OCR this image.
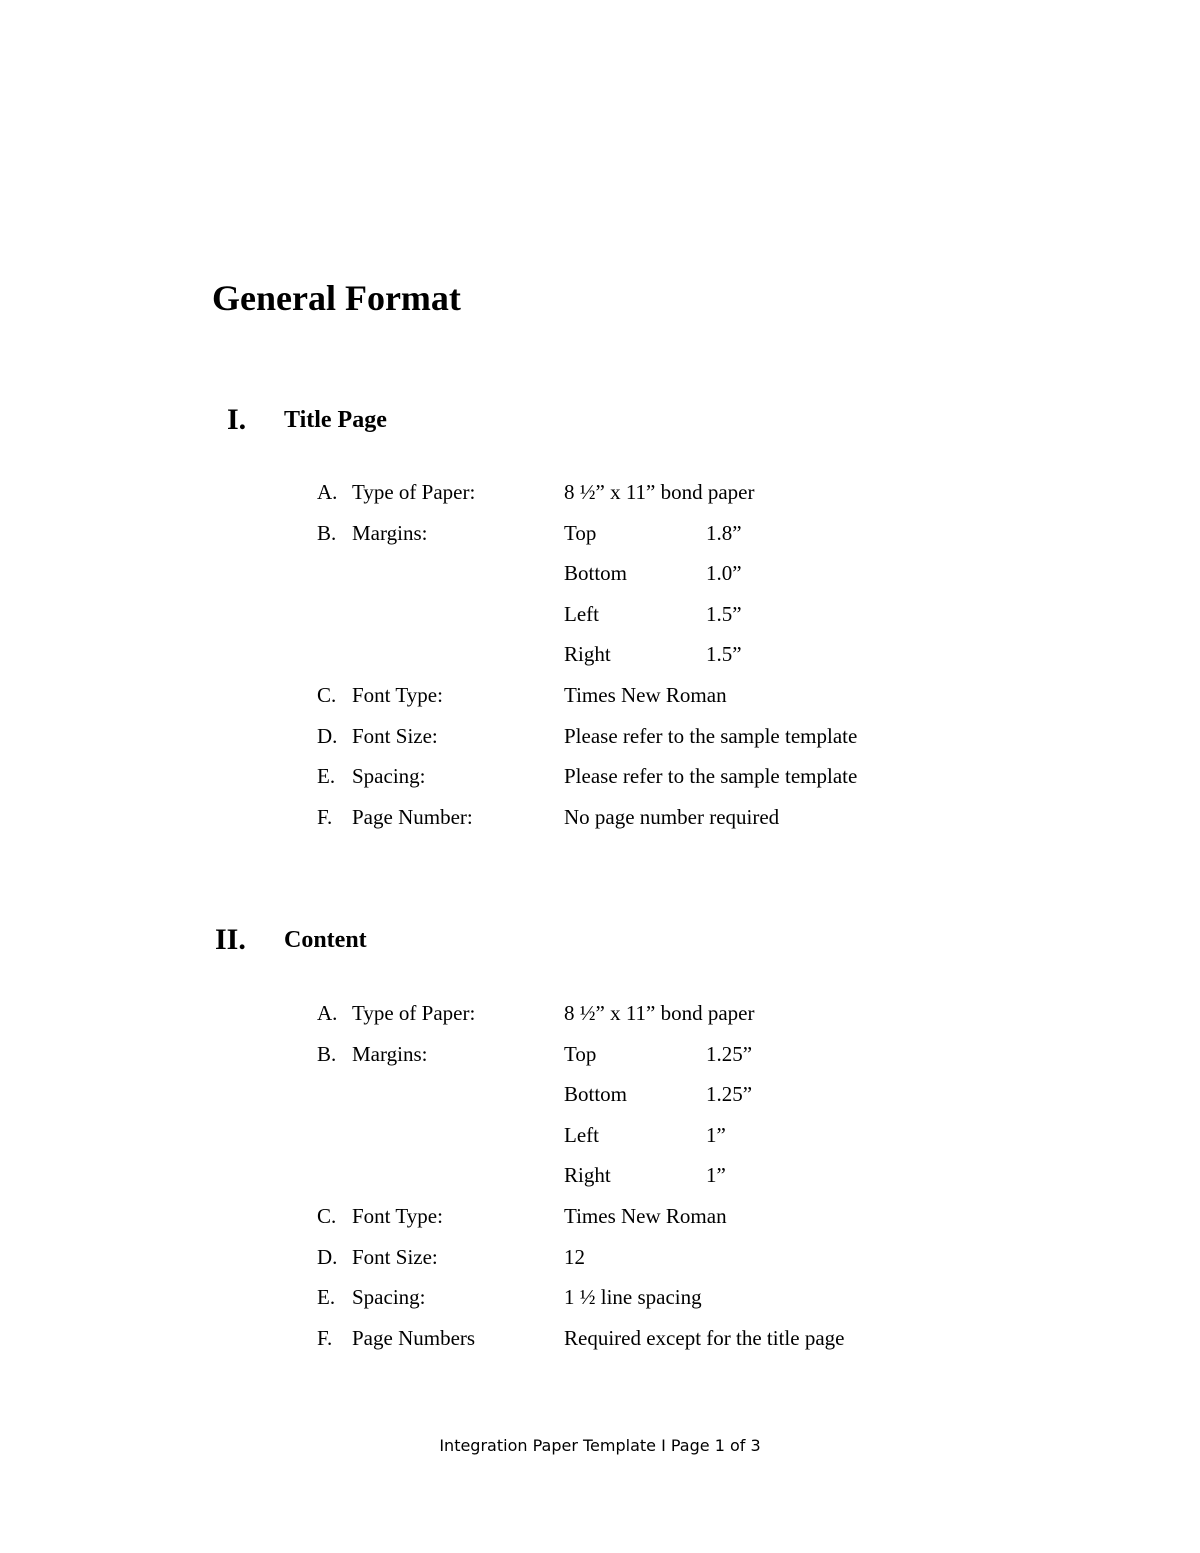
General Format
I. Title Page
A. Type of Paper:	8 ½” x 11” bond paper
B. Margins:	Top	1.8”
Bottom	1.0”
Left	1.5”
Right	1.5”
C. Font Type:	Times New Roman
D. Font Size:	Please refer to the sample template
E. Spacing:	Please refer to the sample template
F. Page Number:	No page number required
II. Content
A. Type of Paper:	8 ½” x 11” bond paper
B. Margins:	Top	1.25”
Bottom	1.25”
Left	1”
Right	1”
C. Font Type:	Times New Roman
D. Font Size:	12
E. Spacing:	1 ½ line spacing
F. Page Numbers	Required except for the title page
Integration Paper Template I Page 1 of 3
